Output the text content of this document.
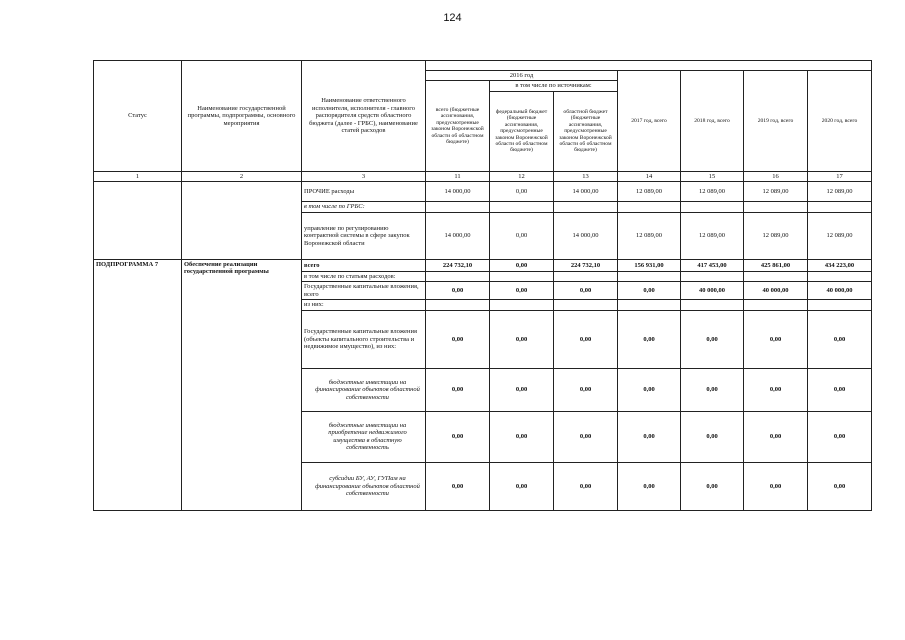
124
Статус	Наименование государственной программы, подпрограммы, основного мероприятия	Наименование ответственного исполнителя, исполнителя - главного распорядителя средств областного бюджета (далее - ГРБС), наименование статей расходов							
			2016 год			2017 год, всего	2018 год, всего	2019 год, всего	2020 год, всего
			всего (бюджетные ассигнования, предусмотренные законом Воронежской области об областном бюджете)	в том числе по источникам:					
				федеральный бюджет (бюджетные ассигнования, предусмотренные законом Воронежской области об областном бюджете)	областной бюджет (бюджетные ассигнования, предусмотренные законом Воронежской области об областном бюджете)				
1	2	3	11	12	13	14	15	16	17
		ПРОЧИЕ расходы	14 000,00	0,00	14 000,00	12 089,00	12 089,00	12 089,00	12 089,00
		в том числе по ГРБС:							
		управление по регулированию контрактной системы в сфере закупок Воронежской области	14 000,00	0,00	14 000,00	12 089,00	12 089,00	12 089,00	12 089,00
ПОДПРОГРАММА 7	Обеспечение реализации государственной программы	всего	224 732,10	0,00	224 732,10	156 931,00	417 453,00	425 861,00	434 223,00
		в том числе по статьям расходов:							
		Государственные капитальные вложения, всего	0,00	0,00	0,00	0,00	40 000,00	40 000,00	40 000,00
		из них:							
		Государственные капитальные вложения (объекты капитального строительства и недвижимое имущество), из них:	0,00	0,00	0,00	0,00	0,00	0,00	0,00
		бюджетные инвестиции на финансирование объектов областной собственности	0,00	0,00	0,00	0,00	0,00	0,00	0,00
		бюджетные инвестиции на приобретение недвижимого имущества в областную собственность	0,00	0,00	0,00	0,00	0,00	0,00	0,00
		субсидии БУ, АУ, ГУПам на финансирование объектов областной собственности	0,00	0,00	0,00	0,00	0,00	0,00	0,00
